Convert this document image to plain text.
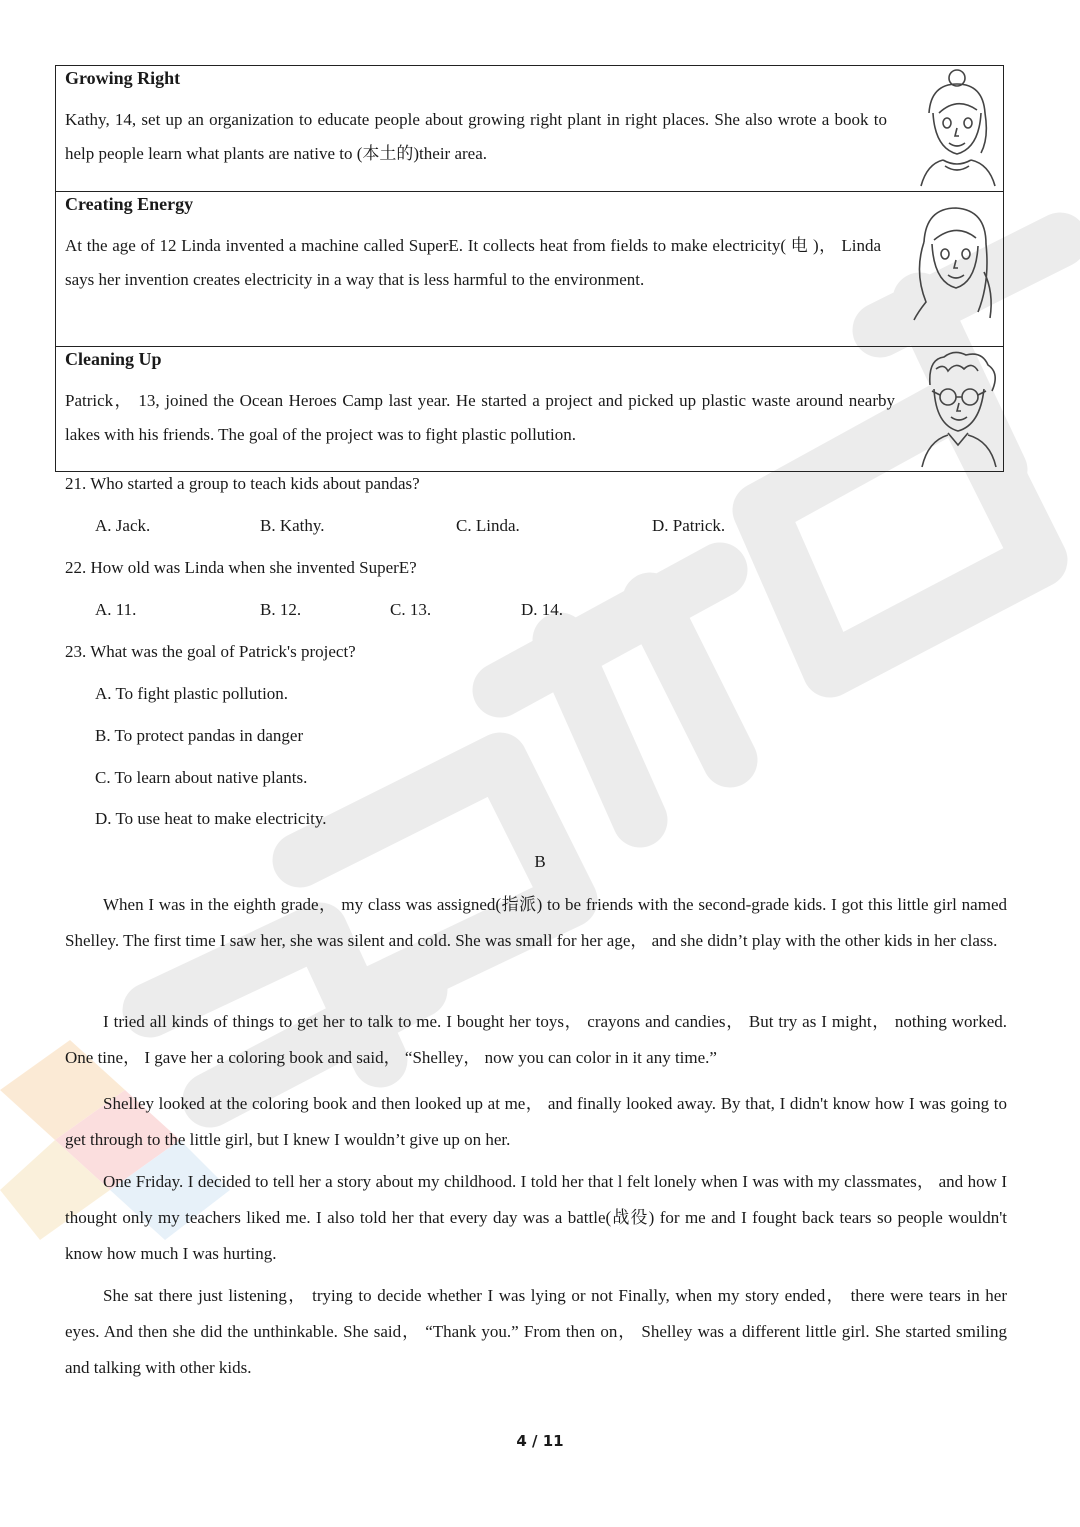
Growing Right

Kathy, 14, set up an organization to educate people about growing right plant in right places. She also wrote a book to help people learn what plants are native to (本土的)their area.

Creating Energy

At the age of 12 Linda invented a machine called SuperE. It collects heat from fields to make electricity( 电 )， Linda says her invention creates electricity in a way that is less harmful to the environment.

Cleaning Up

Patrick， 13, joined the Ocean Heroes Camp last year. He started a project and picked up plastic waste around nearby lakes with his friends. The goal of the project was to fight plastic pollution.

21. Who started a group to teach kids about pandas?

A. Jack.	B. Kathy.	C. Linda.	D. Patrick.

22. How old was Linda when she invented SuperE?

A. 11.	B. 12.	C. 13.	D. 14.

23. What was the goal of Patrick's project?

A. To fight plastic pollution.
B. To protect pandas in danger
C. To learn about native plants.
D. To use heat to make electricity.
B

When I was in the eighth grade， my class was assigned(指派) to be friends with the second-grade kids. I got this little girl named Shelley. The first time I saw her, she was silent and cold. She was small for her age， and she didn’t play with the other kids in her class.

I tried all kinds of things to get her to talk to me. I bought her toys， crayons and candies， But try as I might， nothing worked. One tine， I gave her a coloring book and said， “Shelley， now you can color in it any time.”

Shelley looked at the coloring book and then looked up at me， and finally looked away. By that, I didn't know how I was going to get through to the little girl, but I knew I wouldn’t give up on her.

One Friday. I decided to tell her a story about my childhood. I told her that l felt lonely when I was with my classmates， and how I thought only my teachers liked me. I also told her that every day was a battle(战役) for me and I fought back tears so people wouldn't know how much I was hurting.

She sat there just listening， trying to decide whether I was lying or not Finally, when my story ended， there were tears in her eyes. And then she did the unthinkable. She said， “Thank you.” From then on， Shelley was a different little girl. She started smiling and talking with other kids.

4 / 11
